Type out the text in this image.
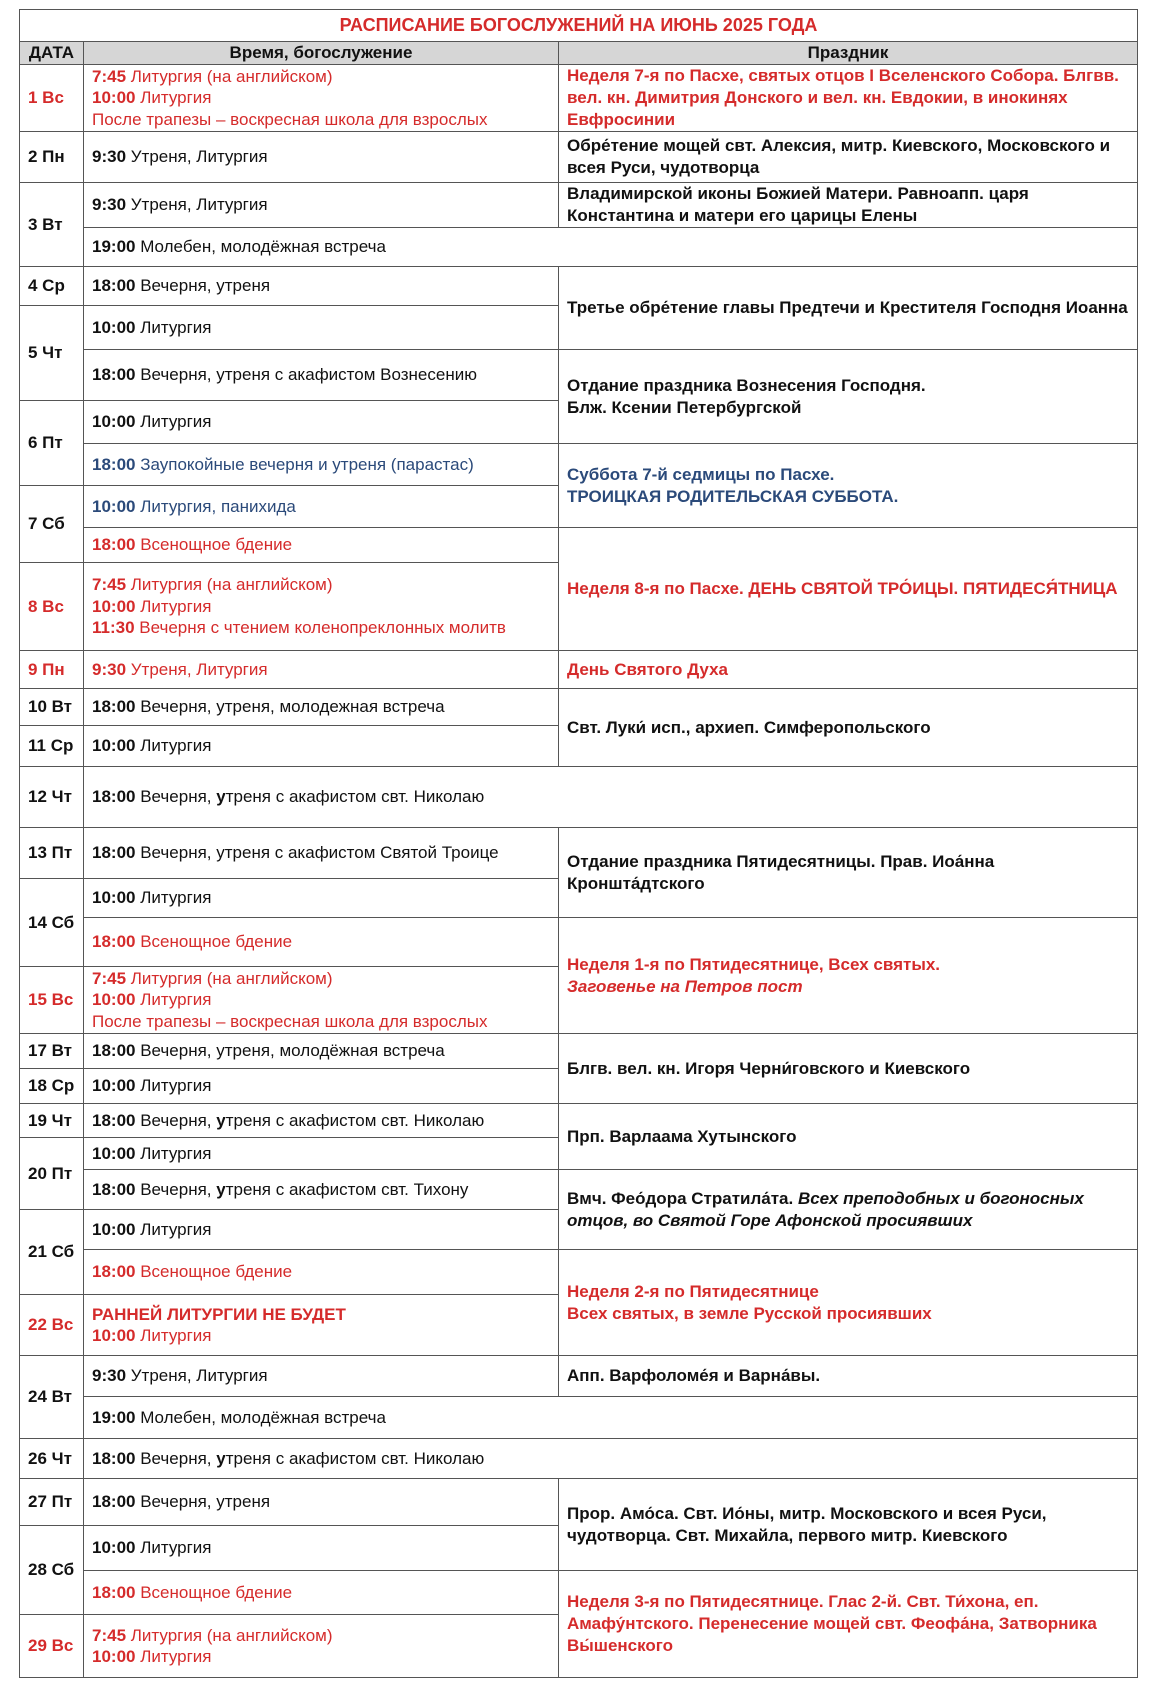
РАСПИСАНИЕ БОГОСЛУЖЕНИЙ НА ИЮНЬ 2025 ГОДА		
ДАТА	Время, богослужение	Праздник
1 Вс	7:45 Литургия (на английском)
10:00 Литургия
После трапезы – воскресная школа для взрослых	Неделя 7-я по Пасхе, святых отцов I Вселенского Собора. Блгвв. вел. кн. Димитрия Донского и вел. кн. Евдокии, в инокинях Евфросинии
2 Пн	9:30 Утреня, Литургия	Обре́тение мощей свт. Алексия, митр. Киевского, Московского и всея Руси, чудотворца
3 Вт	9:30 Утреня, Литургия	Владимирской иконы Божией Матери. Равноапп. царя Константина и матери его царицы Елены
	19:00 Молебен, молодёжная встреча	
4 Ср	18:00 Вечерня, утреня	Третье обре́тение главы Предтечи и Крестителя Господня Иоанна
5 Чт	10:00 Литургия	
	18:00 Вечерня, утреня с акафистом Вознесению	Отдание праздника Вознесения Господня.
Блж. Ксении Петербургской

6 Пт	10:00 Литургия	
	18:00 Заупокойные вечерня и утреня (парастас)	Суббота 7-й седмицы по Пасхе.
ТРОИЦКАЯ РОДИТЕЛЬСКАЯ СУББОТА.

7 Сб	10:00 Литургия, панихида	
	18:00 Всенощное бдение	Неделя 8-я по Пасхе. ДЕНЬ СВЯТОЙ ТРО́ИЦЫ. ПЯТИДЕСЯ́ТНИЦА
8 Вс	7:45 Литургия (на английском)
10:00 Литургия
11:30 Вечерня с чтением коленопреклонных молитв	

9 Пн	9:30 Утреня, Литургия	День Святого Духа
10 Вт	18:00 Вечерня, утреня, молодежная встреча	Свт. Луки́ исп., архиеп. Симферопольского
11 Ср	10:00 Литургия	
12 Чт	18:00 Вечерня, утреня с акафистом свт. Николаю	
13 Пт	18:00 Вечерня, утреня с акафистом Святой Троице	Отдание праздника Пятидесятницы. Прав. Иоа́нна Кроншта́дтского
14 Сб	10:00 Литургия	
	18:00 Всенощное бдение	Неделя 1-я по Пятидесятнице, Всех святых.
Заговенье на Петров пост

15 Вс	7:45 Литургия (на английском)
10:00 Литургия
После трапезы – воскресная школа для взрослых	

17 Вт	18:00 Вечерня, утреня, молодёжная встреча	Блгв. вел. кн. Игоря Черни́говского и Киевского
18 Ср	10:00 Литургия	
19 Чт	18:00 Вечерня, утреня с акафистом свт. Николаю	Прп. Варлаама Хутынского
20 Пт	10:00 Литургия	
	18:00 Вечерня, утреня с акафистом свт. Тихону	Вмч. Фео́дора Стратила́та. Всех преподобных и богоносных отцов, во Святой Горе Афонской просиявших
21 Сб	10:00 Литургия	
	18:00 Всенощное бдение	Неделя 2-я по Пятидесятнице
Всех святых, в земле Русской просиявших

22 Вс	РАННЕЙ ЛИТУРГИИ НЕ БУДЕТ
10:00 Литургия	

24 Вт	9:30 Утреня, Литургия	Апп. Варфоломе́я и Варна́вы.
	19:00 Молебен, молодёжная встреча	
26 Чт	18:00 Вечерня, утреня с акафистом свт. Николаю	
27 Пт	18:00 Вечерня, утреня	Прор. Амо́са. Свт. Ио́ны, митр. Московского и всея Руси, чудотворца. Свт. Михайла, первого митр. Киевского
28 Сб	10:00 Литургия	
	18:00 Всенощное бдение	Неделя 3-я по Пятидесятнице. Глас 2-й. Свт. Ти́хона, еп. Амафу́нтского. Перенесение мощей свт. Феофа́на, Затворника Вы́шенского
29 Вс	7:45 Литургия (на английском)
10:00 Литургия	
